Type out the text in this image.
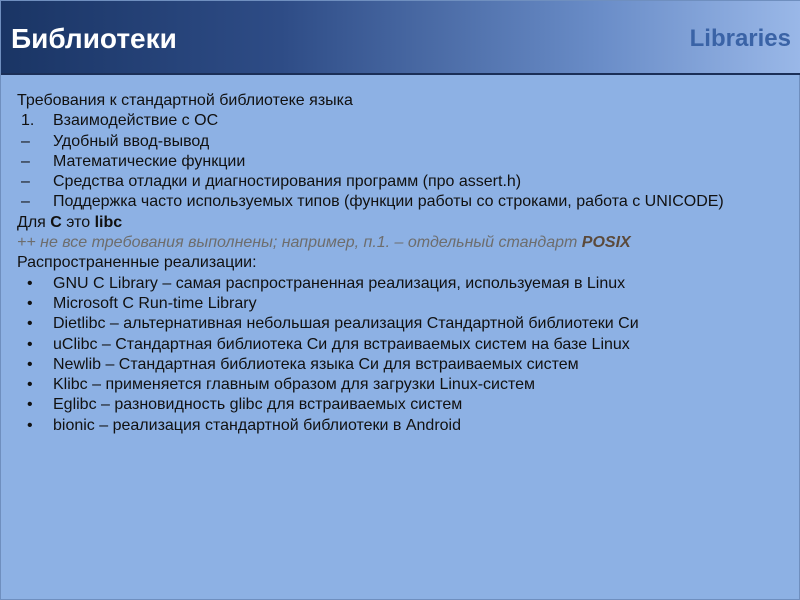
Библиотеки	Libraries
Требования к стандартной библиотеке языка
1.	Взаимодействие с ОС
–	Удобный ввод-вывод
–	Математические функции
–	Средства отладки и диагностирования программ (про assert.h)
–	Поддержка часто используемых типов (функции работы со строками, работа с UNICODE)
Для C это libc
++ не все требования выполнены; например, п.1. – отдельный стандарт POSIX
Распространенные реализации:
•	GNU C Library – самая распространенная реализация, используемая в Linux
•	Microsoft C Run-time Library
•	Dietlibc – альтернативная небольшая реализация Стандартной библиотеки Си
•	uClibc – Стандартная библиотека Си для встраиваемых систем на базе Linux
•	Newlib – Стандартная библиотека языка Си для встраиваемых систем
•	Klibc – применяется главным образом для загрузки Linux-систем
•	Eglibc – разновидность glibc для встраиваемых систем
•	bionic – реализация стандартной библиотеки в Android
